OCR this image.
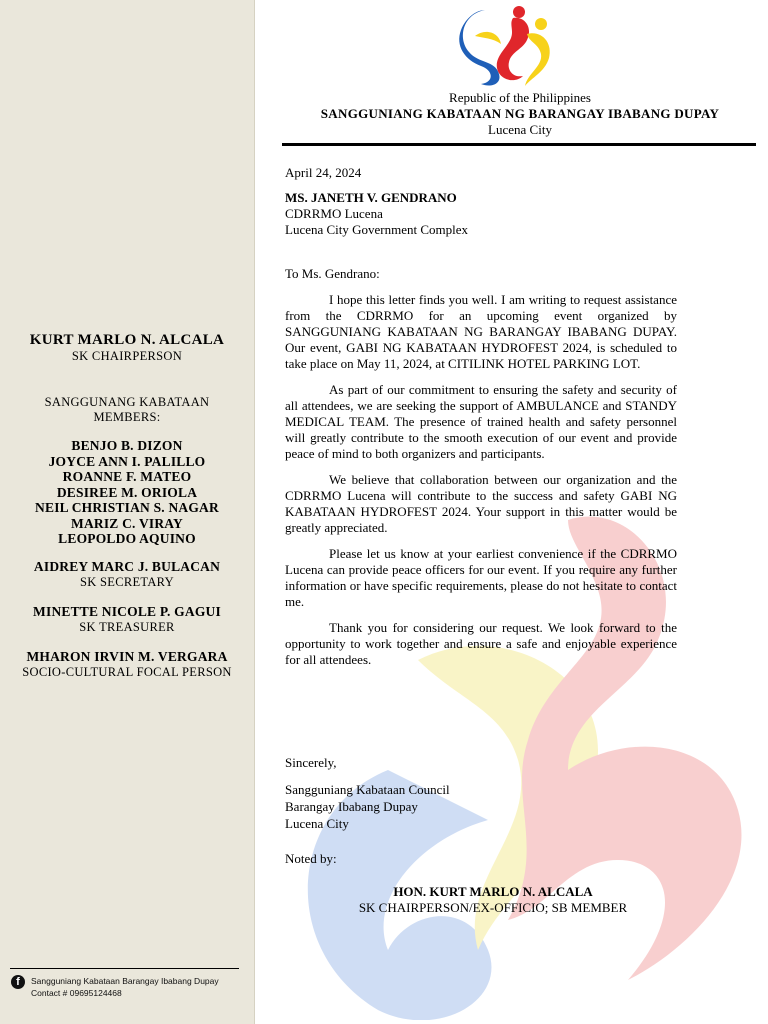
KURT MARLO N. ALCALA
SK CHAIRPERSON
SANGGUNANG KABATAAN
MEMBERS:
BENJO B. DIZON
JOYCE ANN I. PALILLO
ROANNE F. MATEO
DESIREE M. ORIOLA
NEIL CHRISTIAN S. NAGAR
MARIZ C. VIRAY
LEOPOLDO AQUINO
AIDREY MARC J. BULACAN
SK SECRETARY
MINETTE NICOLE P. GAGUI
SK TREASURER
MHARON IRVIN M. VERGARA
SOCIO-CULTURAL FOCAL PERSON
f	Sangguniang Kabataan Barangay Ibabang Dupay
Contact # 09695124468
Republic of the Philippines
SANGGUNIANG KABATAAN NG BARANGAY IBABANG DUPAY
Lucena City
April 24, 2024
MS. JANETH V. GENDRANO
CDRRMO Lucena
Lucena City Government Complex
To Ms. Gendrano:

I hope this letter finds you well. I am writing to request assistance from the CDRRMO for an upcoming event organized by SANGGUNIANG KABATAAN NG BARANGAY IBABANG DUPAY. Our event, GABI NG KABATAAN HYDROFEST 2024, is scheduled to take place on May 11, 2024, at CITILINK HOTEL PARKING LOT.

As part of our commitment to ensuring the safety and security of all attendees, we are seeking the support of AMBULANCE and STANDY MEDICAL TEAM. The presence of trained health and safety personnel will greatly contribute to the smooth execution of our event and provide peace of mind to both organizers and participants.

We believe that collaboration between our organization and the CDRRMO Lucena will contribute to the success and safety GABI NG KABATAAN HYDROFEST 2024. Your support in this matter would be greatly appreciated.

Please let us know at your earliest convenience if the CDRRMO Lucena can provide peace officers for our event. If you require any further information or have specific requirements, please do not hesitate to contact me.

Thank you for considering our request. We look forward to the opportunity to work together and ensure a safe and enjoyable experience for all attendees.

Sincerely,
Sangguniang Kabataan Council
Barangay Ibabang Dupay
Lucena City
Noted by:
HON. KURT MARLO N. ALCALA
SK CHAIRPERSON/EX-OFFICIO; SB MEMBER
